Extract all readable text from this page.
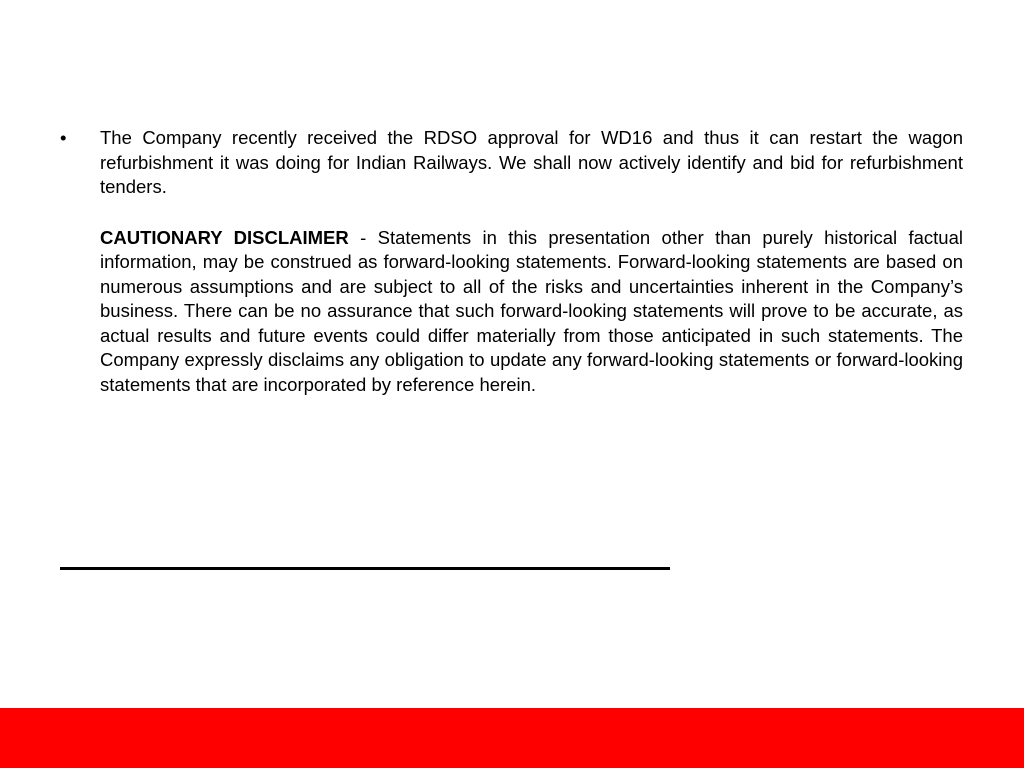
• The Company recently received the RDSO approval for WD16 and thus it can restart the wagon refurbishment it was doing for Indian Railways. We shall now actively identify and bid for refurbishment tenders.
CAUTIONARY DISCLAIMER - Statements in this presentation other than purely historical factual information, may be construed as forward-looking statements. Forward-looking statements are based on numerous assumptions and are subject to all of the risks and uncertainties inherent in the Company’s business. There can be no assurance that such forward-looking statements will prove to be accurate, as actual results and future events could differ materially from those anticipated in such statements. The Company expressly disclaims any obligation to update any forward-looking statements or forward-looking statements that are incorporated by reference herein.
